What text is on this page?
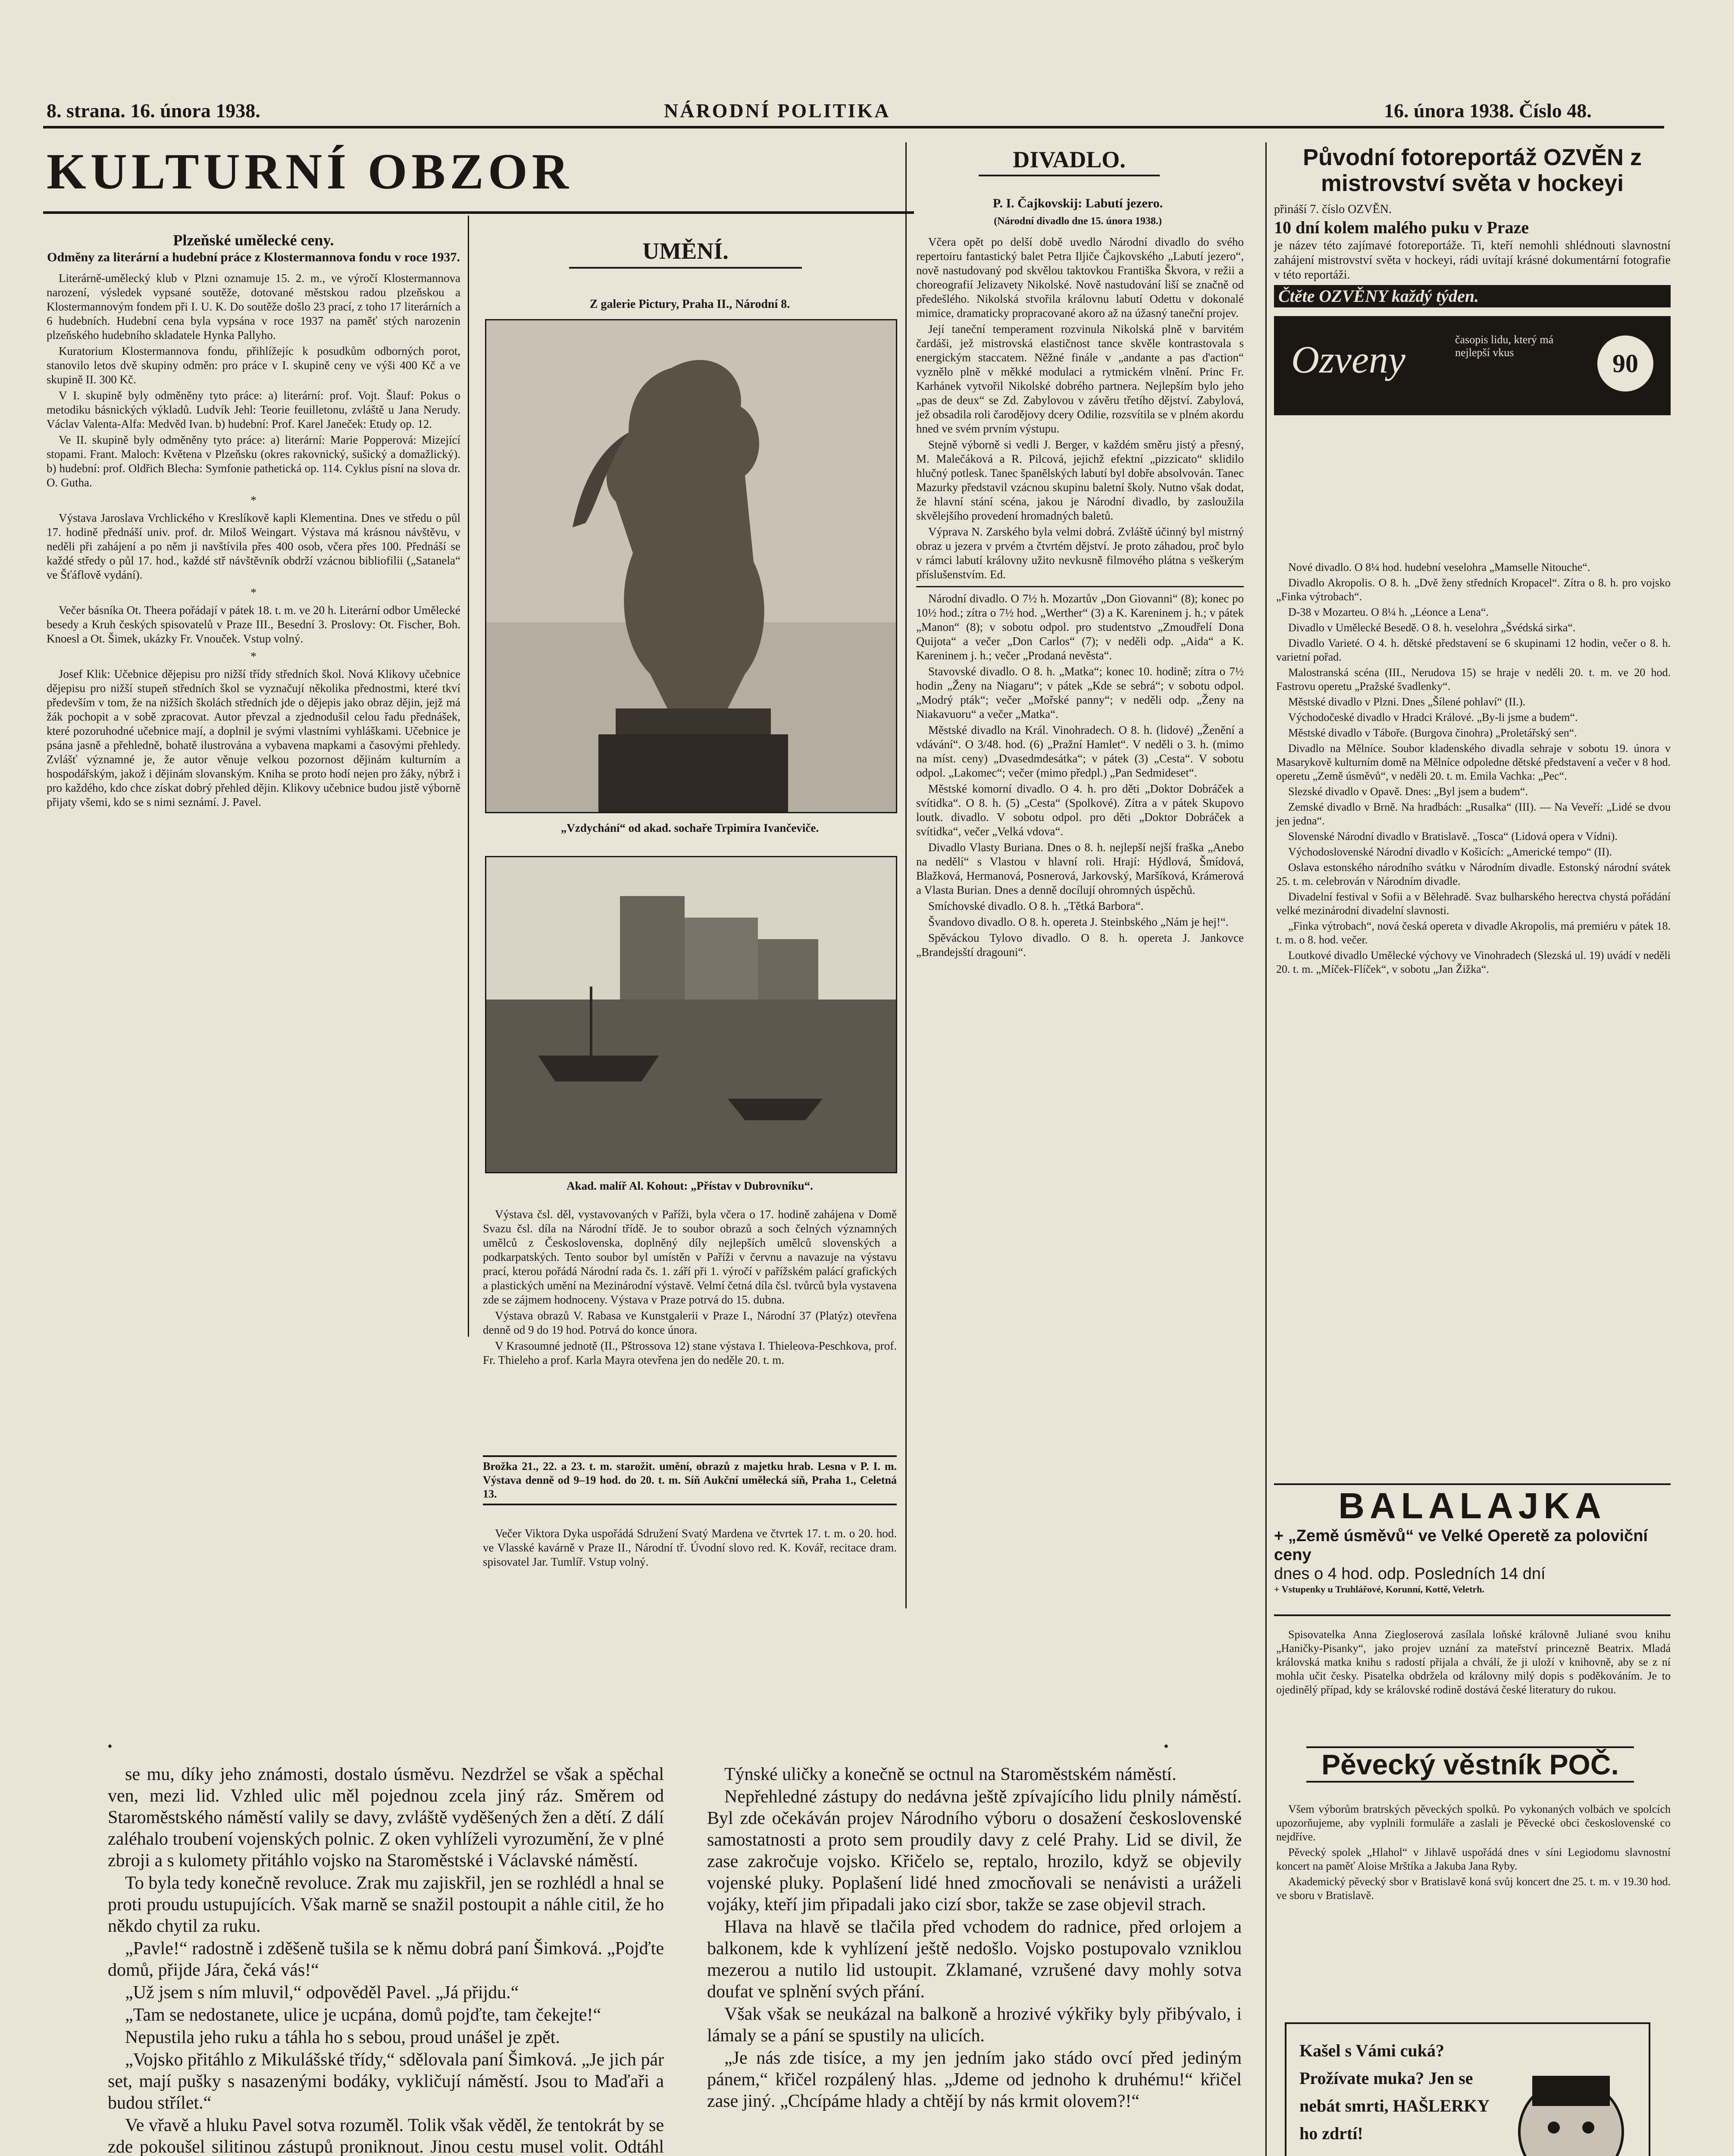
8. strana. 16. února 1938.	NÁRODNÍ POLITIKA	16. února 1938. Číslo 48.
KULTURNÍ OBZOR
Plzeňské umělecké ceny.
Odměny za literární a hudební práce z Klostermannova fondu v roce 1937.

Literárně-umělecký klub v Plzni oznamuje 15. 2. m., ve výročí Klostermannova narození, výsledek vypsané soutěže, dotované městskou radou plzeňskou a Klostermannovým fondem při I. U. K. Do soutěže došlo 23 prací, z toho 17 literárních a 6 hudebních. Hudební cena byla vypsána v roce 1937 na paměť stých narozenin plzeňského hudebního skladatele Hynka Pallyho.

Kuratorium Klostermannova fondu, přihlížejíc k posudkům odborných porot, stanovilo letos dvě skupiny odměn: pro práce v I. skupině ceny ve výši 400 Kč a ve skupině II. 300 Kč.

V I. skupině byly odměněny tyto práce: a) literární: prof. Vojt. Šlauf: Pokus o metodiku básnických výkladů. Ludvík Jehl: Teorie feuilletonu, zvláště u Jana Nerudy. Václav Valenta-Alfa: Medvěd Ivan. b) hudební: Prof. Karel Janeček: Etudy op. 12.

Ve II. skupině byly odměněny tyto práce: a) literární: Marie Popperová: Mizející stopami. Frant. Maloch: Květena v Plzeňsku (okres rakovnický, sušický a domažlický). b) hudební: prof. Oldřich Blecha: Symfonie pathetická op. 114. Cyklus písní na slova dr. O. Gutha.

*

Výstava Jaroslava Vrchlického v Kreslíkově kapli Klementina. Dnes ve středu o půl 17. hodině přednáší univ. prof. dr. Miloš Weingart. Výstava má krásnou návštěvu, v neděli při zahájení a po něm ji navštívila přes 400 osob, včera přes 100. Přednáší se každé středy o půl 17. hod., každé stř návštěvník obdrží vzácnou bibliofilii („Satanela“ ve Šťáflově vydání).

*

Večer básníka Ot. Theera pořádají v pátek 18. t. m. ve 20 h. Literární odbor Umělecké besedy a Kruh českých spisovatelů v Praze III., Besední 3. Proslovy: Ot. Fischer, Boh. Knoesl a Ot. Šimek, ukázky Fr. Vnouček. Vstup volný.

*

Josef Klik: Učebnice dějepisu pro nižší třídy středních škol. Nová Klikovy učebnice dějepisu pro nižší stupeň středních škol se vyznačují několika přednostmi, které tkví především v tom, že na nižších školách středních jde o dějepis jako obraz dějin, jejž má žák pochopit a v sobě zpracovat. Autor převzal a zjednodušil celou řadu přednášek, které pozoruhodné učebnice mají, a doplnil je svými vlastními vyhláškami. Učebnice je psána jasně a přehledně, bohatě ilustrována a vybavena mapkami a časovými přehledy. Zvlášť významné je, že autor věnuje velkou pozornost dějinám kulturním a hospodářským, jakož i dějinám slovanským. Kniha se proto hodí nejen pro žáky, nýbrž i pro každého, kdo chce získat dobrý přehled dějin. Klikovy učebnice budou jistě výborně přijaty všemi, kdo se s nimi seznámí. J. Pavel.

UMĚNÍ.
Z galerie Pictury, Praha II., Národní 8.
„Vzdychání“ od akad. sochaře Trpimíra Ivančeviče.
Akad. malíř Al. Kohout: „Přístav v Dubrovníku“.

Výstava čsl. děl, vystavovaných v Paříži, byla včera o 17. hodině zahájena v Domě Svazu čsl. díla na Národní třídě. Je to soubor obrazů a soch čelných významných umělců z Československa, doplněný díly nejlepších umělců slovenských a podkarpatských. Tento soubor byl umístěn v Paříži v červnu a navazuje na výstavu prací, kterou pořádá Národní rada čs. 1. září při 1. výročí v pařížském palácí grafických a plastických umění na Mezinárodní výstavě. Velmí četná díla čsl. tvůrců byla vystavena zde se zájmem hodnoceny. Výstava v Praze potrvá do 15. dubna.

Výstava obrazů V. Rabasa ve Kunstgalerii v Praze I., Národní 37 (Platýz) otevřena denně od 9 do 19 hod. Potrvá do konce února.

V Krasoumné jednotě (II., Pštrossova 12) stane výstava I. Thieleova-Peschkova, prof. Fr. Thieleho a prof. Karla Mayra otevřena jen do neděle 20. t. m.

Brožka 21., 22. a 23. t. m. starožit. umění, obrazů z majetku hrab. Lesna v P. I. m. Výstava denně od 9–19 hod. do 20. t. m. Síň Aukční umělecká síň, Praha 1., Celetná 13.

Večer Viktora Dyka uspořádá Sdružení Svatý Mardena ve čtvrtek 17. t. m. o 20. hod. ve Vlasské kavárně v Praze II., Národní tř. Úvodní slovo red. K. Kovář, recitace dram. spisovatel Jar. Tumlíř. Vstup volný.

DIVADLO.
P. I. Čajkovskij: Labutí jezero.
(Národní divadlo dne 15. února 1938.)

Včera opět po delší době uvedlo Národní divadlo do svého repertoiru fantastický balet Petra Iljiče Čajkovského „Labutí jezero“, nově nastudovaný pod skvělou taktovkou Františka Škvora, v režii a choreografií Jelizavety Nikolské. Nově nastudování liší se značně od předešlého. Nikolská stvořila královnu labutí Odettu v dokonalé mimice, dramaticky propracované akoro až na úžasný taneční projev.

Její taneční temperament rozvinula Nikolská plně v barvitém čardáši, jež mistrovská elastičnost tance skvěle kontrastovala s energickým staccatem. Něžné finále v „andante a pas d'action“ vyznělo plně v měkké modulaci a rytmickém vlnění. Princ Fr. Karhánek vytvořil Nikolské dobrého partnera. Nejlepším bylo jeho „pas de deux“ se Zd. Zabylovou v závěru třetího dějství. Zabylová, jež obsadila roli čarodějovy dcery Odilie, rozsvítila se v plném akordu hned ve svém prvním výstupu.

Stejně výborně si vedli J. Berger, v každém směru jistý a přesný, M. Malečáková a R. Pilcová, jejichž efektní „pizzicato“ sklidilo hlučný potlesk. Tanec španělských labutí byl dobře absolvován. Tanec Mazurky představil vzácnou skupinu baletní školy. Nutno však dodat, že hlavní stání scéna, jakou je Národní divadlo, by zasloužila skvělejšího provedení hromadných baletů.

Výprava N. Zarského byla velmi dobrá. Zvláště účinný byl mistrný obraz u jezera v prvém a čtvrtém dějství. Je proto záhadou, proč bylo v rámci labutí královny užito nevkusně filmového plátna s veškerým příslušenstvím. Ed.

Národní divadlo. O 7½ h. Mozartův „Don Giovanni“ (8); konec po 10½ hod.; zítra o 7½ hod. „Werther“ (3) a K. Kareninem j. h.; v pátek „Manon“ (8); v sobotu odpol. pro studentstvo „Zmoudřelí Dona Quijota“ a večer „Don Carlos“ (7); v neděli odp. „Aida“ a K. Kareninem j. h.; večer „Prodaná nevěsta“.

Stavovské divadlo. O 8. h. „Matka“; konec 10. hodině; zítra o 7½ hodin „Ženy na Niagaru“; v pátek „Kde se sebrá“; v sobotu odpol. „Modrý pták“; večer „Mořské panny“; v neděli odp. „Ženy na Niakavuoru“ a večer „Matka“.

Městské divadlo na Král. Vinohradech. O 8. h. (lidové) „Ženění a vdávání“. O 3/48. hod. (6) „Pražní Hamlet“. V neděli o 3. h. (mimo na míst. ceny) „Dvasedmdesátka“; v pátek (3) „Cesta“. V sobotu odpol. „Lakomec“; večer (mimo předpl.) „Pan Sedmideset“.

Městské komorní divadlo. O 4. h. pro děti „Doktor Dobráček a svítidka“. O 8. h. (5) „Cesta“ (Spolkové). Zítra a v pátek Skupovo loutk. divadlo. V sobotu odpol. pro děti „Doktor Dobráček a svítidka“, večer „Velká vdova“.

Divadlo Vlasty Buriana. Dnes o 8. h. nejlepší nejší fraška „Anebo na nedělí“ s Vlastou v hlavní roli. Hrají: Hýdlová, Šmídová, Blažková, Hermanová, Posnerová, Jarkovský, Maršíková, Krámerová a Vlasta Burian. Dnes a denně docílují ohromných úspěchů.

Smíchovské divadlo. O 8. h. „Tětká Barbora“.

Švandovo divadlo. O 8. h. opereta J. Steinbského „Nám je hej!“.

Spěváckou Tylovo divadlo. O 8. h. opereta J. Jankovce „Brandejsští dragouni“.

Původní fotoreportáž OZVĚN z mistrovství světa v hockeyi
přináší 7. číslo OZVĚN.
10 dní kolem malého puku v Praze
je název této zajímavé fotoreportáže. Ti, kteří nemohli shlédnouti slavnostní zahájení mistrovství světa v hockeyi, rádi uvítají krásné dokumentární fotografie v této reportáži.
Čtěte OZVĚNY každý týden.
Ozveny	časopis lidu, který má nejlepší vkus	90

Nové divadlo. O 8¼ hod. hudební veselohra „Mamselle Nitouche“.

Divadlo Akropolis. O 8. h. „Dvě ženy středních Kropacel“. Zítra o 8. h. pro vojsko „Finka výtrobach“.

D-38 v Mozarteu. O 8¼ h. „Léonce a Lena“.

Divadlo v Umělecké Besedě. O 8. h. veselohra „Švédská sirka“.

Divadlo Varieté. O 4. h. dětské představení se 6 skupinami 12 hodin, večer o 8. h. varietní pořad.

Malostranská scéna (III., Nerudova 15) se hraje v neděli 20. t. m. ve 20 hod. Fastrovu operetu „Pražské švadlenky“.

Městské divadlo v Plzni. Dnes „Šílené pohlaví“ (II.).

Východočeské divadlo v Hradci Králové. „By-li jsme a budem“.

Městské divadlo v Táboře. (Burgova činohra) „Proletářský sen“.

Divadlo na Mělníce. Soubor kladenského divadla sehraje v sobotu 19. února v Masarykově kulturním domě na Mělníce odpoledne dětské představení a večer v 8 hod. operetu „Země úsměvů“, v neděli 20. t. m. Emila Vachka: „Pec“.

Slezské divadlo v Opavě. Dnes: „Byl jsem a budem“.

Zemské divadlo v Brně. Na hradbách: „Rusalka“ (III). — Na Veveří: „Lidé se dvou jen jedna“.

Slovenské Národní divadlo v Bratislavě. „Tosca“ (Lidová opera v Vídni).

Východoslovenské Národní divadlo v Košicích: „Americké tempo“ (II).

Oslava estonského národního svátku v Národním divadle. Estonský národní svátek 25. t. m. celebrován v Národním divadle.

Divadelní festival v Sofii a v Bělehradě. Svaz bulharského herectva chystá pořádání velké mezinárodní divadelní slavnosti.

„Finka výtrobach“, nová česká opereta v divadle Akropolis, má premiéru v pátek 18. t. m. o 8. hod. večer.

Loutkové divadlo Umělecké výchovy ve Vinohradech (Slezská ul. 19) uvádí v neděli 20. t. m. „Míček-Flíček“, v sobotu „Jan Žižka“.

BALALAJKA
+ „Země úsměvů“ ve Velké Operetě za poloviční ceny
dnes o 4 hod. odp. Posledních 14 dní
+ Vstupenky u Truhlářové, Korunní, Kottě, Veletrh.

Spisovatelka Anna Ziegloserová zasílala loňské královně Juliané svou knihu „Haničky-Pisanky“, jako projev uznání za mateřství princezně Beatrix. Mladá královská matka knihu s radostí přijala a chválí, že ji uloží v knihovně, aby se z ní mohla učit česky. Pisatelka obdržela od královny milý dopis s poděkováním. Je to ojedinělý případ, kdy se královské rodině dostává české literatury do rukou.

Pěvecký věstník POČ.

Všem výborům bratrských pěveckých spolků. Po vykonaných volbách ve spolcích upozorňujeme, aby vyplnili formuláře a zaslali je Pěvecké obci československé co nejdříve.

Pěvecký spolek „Hlahol“ v Jihlavě uspořádá dnes v síni Legiodomu slavnostní koncert na paměť Aloise Mrštíka a Jakuba Jana Ryby.

Akademický pěvecký sbor v Bratislavě koná svůj koncert dne 25. t. m. v 19.30 hod. ve sboru v Bratislavě.

Kašel s Vámi cuká? Prožívate muka? Jen se nebát smrti, HAŠLERKY ho zdrtí!
•	•

se mu, díky jeho známosti, dostalo úsměvu. Nezdržel se však a spěchal ven, mezi lid. Vzhled ulic měl pojednou zcela jiný ráz. Směrem od Staroměstského náměstí valily se davy, zvláště vyděšených žen a dětí. Z dálí zaléhalo troubení vojenských polnic. Z oken vyhlíželi vyrozumění, že v plné zbroji a s kulomety přitáhlo vojsko na Staroměstské i Václavské náměstí.

To byla tedy konečně revoluce. Zrak mu zajiskřil, jen se rozhlédl a hnal se proti proudu ustupujících. Však marně se snažil postoupit a náhle citil, že ho někdo chytil za ruku.

„Pavle!“ radostně i zděšeně tušila se k němu dobrá paní Šimková. „Pojďte domů, přijde Jára, čeká vás!“

„Už jsem s ním mluvil,“ odpověděl Pavel. „Já přijdu.“

„Tam se nedostanete, ulice je ucpána, domů pojďte, tam čekejte!“

Nepustila jeho ruku a táhla ho s sebou, proud unášel je zpět.

„Vojsko přitáhlo z Mikulášské třídy,“ sdělovala paní Šimková. „Je jich pár set, mají pušky s nasazenými bodáky, vykličují náměstí. Jsou to Maďaři a budou střílet.“

Ve vřavě a hluku Pavel sotva rozuměl. Tolik však věděl, že tentokrát by se zde pokoušel silitinou zástupů proniknout. Jinou cestu musel volit. Odtáhl

Týnské uličky a konečně se octnul na Staroměstském náměstí.

Nepřehledné zástupy do nedávna ještě zpívajícího lidu plnily náměstí. Byl zde očekáván projev Národního výboru o dosažení československé samostatnosti a proto sem proudily davy z celé Prahy. Lid se divil, že zase zakročuje vojsko. Křičelo se, reptalo, hrozilo, když se objevily vojenské pluky. Poplašení lidé hned zmocňovali se nenávisti a uráželi vojáky, kteří jim připadali jako cizí sbor, takže se zase objevil strach.

Hlava na hlavě se tlačila před vchodem do radnice, před orlojem a balkonem, kde k vyhlízení ještě nedošlo. Vojsko postupovalo vzniklou mezerou a nutilo lid ustoupit. Zklamané, vzrušené davy mohly sotva doufat ve splnění svých přání.

Však však se neukázal na balkoně a hrozivé výkřiky byly přibývalo, i lámaly se a pání se spustily na ulicích.

„Je nás zde tisíce, a my jen jedním jako stádo ovcí před jediným pánem,“ křičel rozpálený hlas. „Jdeme od jednoho k druhému!“ křičel zase jiný. „Chcípáme hlady a chtějí by nás krmit olovem?!“
